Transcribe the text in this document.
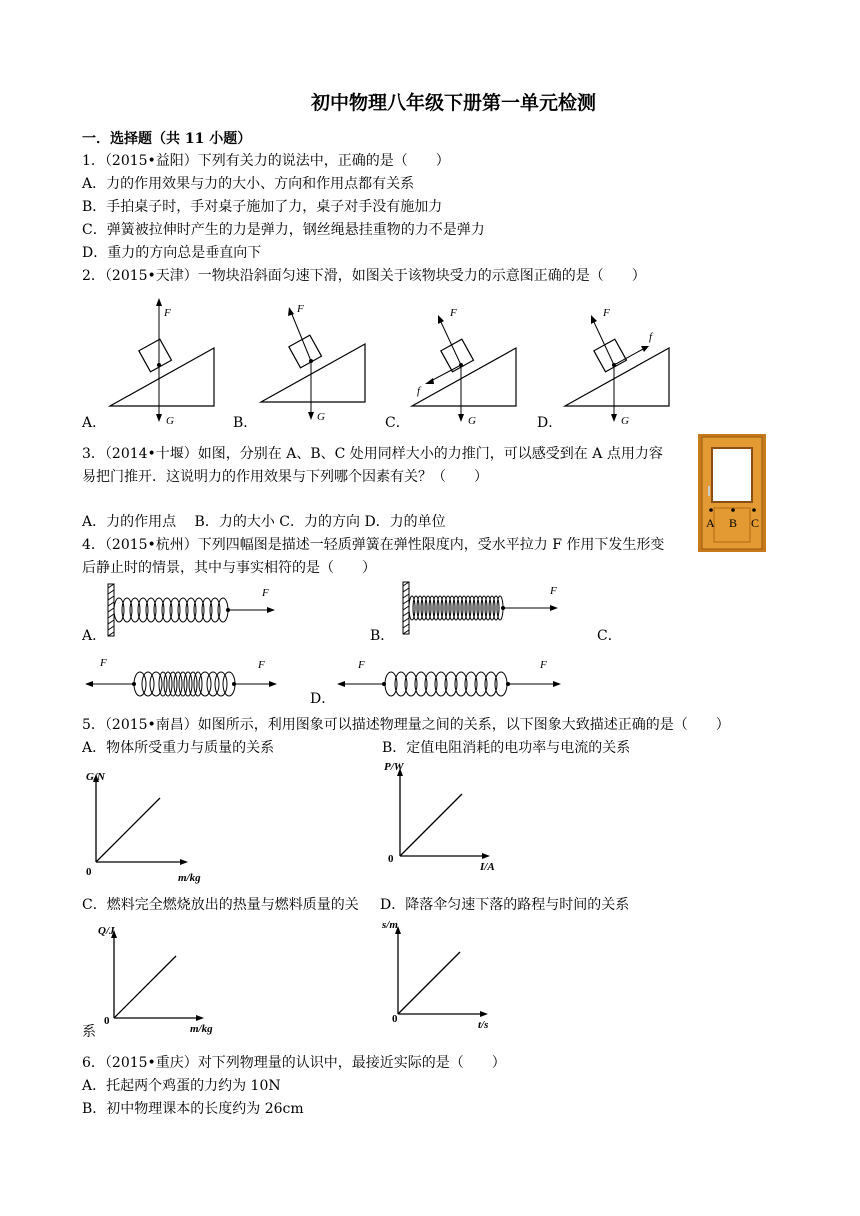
初中物理八年级下册第一单元检测
一．选择题（共 11 小题）
1．（2015•益阳）下列有关力的说法中，正确的是（　　）
A．力的作用效果与力的大小、方向和作用点都有关系
B．手拍桌子时，手对桌子施加了力，桌子对手没有施加力
C．弹簧被拉伸时产生的力是弹力，钢丝绳悬挂重物的力不是弹力
D．重力的方向总是垂直向下
2．（2015•天津）一物块沿斜面匀速下滑，如图关于该物块受力的示意图正确的是（　　）
A．	B．	C．	D．
F
G
F
G
F
G
f
F
G
f
3．（2014•十堰）如图，分别在 A、B、C 处用同样大小的力推门，可以感受到在 A 点用力容
易把门推开．这说明力的作用效果与下列哪个因素有关？（　　）
A．力的作用点　 B．力的大小 C．力的方向 D．力的单位	A B C
4．（2015•杭州）下列四幅图是描述一轻质弹簧在弹性限度内，受水平拉力 F 作用下发生形变
后静止时的情景，其中与事实相符的是（　　）
A．	B．	C．
D．
F	F
F	F	F	F
5．（2015•南昌）如图所示，利用图象可以描述物理量之间的关系，以下图象大致描述正确的是（　　）
A．物体所受重力与质量的关系	B．定值电阻消耗的电功率与电流的关系
G/N
0	m/kg
P/W
0
I/A
C．燃料完全燃烧放出的热量与燃料质量的关 D．降落伞匀速下落的路程与时间的关系
Q/J
0
m/kg
系
s/m
0	t/s
6．（2015•重庆）对下列物理量的认识中，最接近实际的是（　　）
A．托起两个鸡蛋的力约为 10N
B．初中物理课本的长度约为 26cm
